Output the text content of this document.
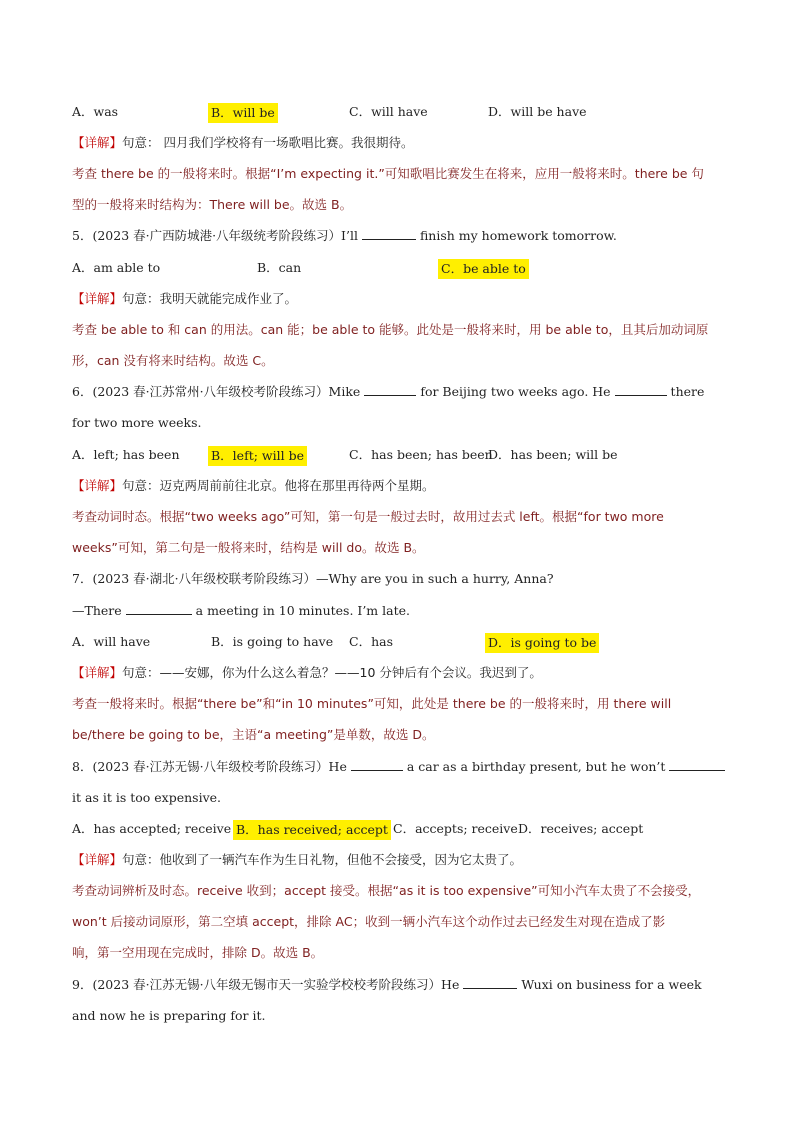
A．was	B．will be	C．will have	D．will be have
【详解】句意： 四月我们学校将有一场歌唱比赛。我很期待。
考查 there be 的一般将来时。根据“I’m expecting it.”可知歌唱比赛发生在将来，应用一般将来时。there be 句
型的一般将来时结构为：There will be。故选 B。
5．(2023 春·广西防城港·八年级统考阶段练习）I’ll	finish my homework tomorrow.
A．am able to	B．can	C．be able to
【详解】句意：我明天就能完成作业了。
考查 be able to 和 can 的用法。can 能；be able to 能够。此处是一般将来时，用 be able to，且其后加动词原
形，can 没有将来时结构。故选 C。
6．(2023 春·江苏常州·八年级校考阶段练习）Mike	for Beijing two weeks ago. He	there
for two more weeks.
A．left; has been	B．left; will be	C．has been; has been
D．has been; will be
【详解】句意：迈克两周前前往北京。他将在那里再待两个星期。
考查动词时态。根据“two weeks ago”可知，第一句是一般过去时，故用过去式 left。根据“for two more
weeks”可知，第二句是一般将来时，结构是 will do。故选 B。
7．(2023 春·湖北·八年级校联考阶段练习）—Why are you in such a hurry, Anna?
—There	a meeting in 10 minutes. I’m late.
A．will have	B．is going to have C．has	D．is going to be
【详解】句意：——安娜，你为什么这么着急？——10 分钟后有个会议。我迟到了。
考查一般将来时。根据“there be”和“in 10 minutes”可知，此处是 there be 的一般将来时，用 there will
be/there be going to be，主语“a meeting”是单数，故选 D。
8．(2023 春·江苏无锡·八年级校考阶段练习）He	a car as a birthday present, but he won’t
it as it is too expensive.
A．has accepted; receive B．has received; accept C．accepts; receive D．receives; accept
【详解】句意：他收到了一辆汽车作为生日礼物，但他不会接受，因为它太贵了。
考查动词辨析及时态。receive 收到；accept 接受。根据“as it is too expensive”可知小汽车太贵了不会接受，
won’t 后接动词原形，第二空填 accept，排除 AC；收到一辆小汽车这个动作过去已经发生对现在造成了影
响，第一空用现在完成时，排除 D。故选 B。
9．(2023 春·江苏无锡·八年级无锡市天一实验学校校考阶段练习）He	Wuxi on business for a week
and now he is preparing for it.
